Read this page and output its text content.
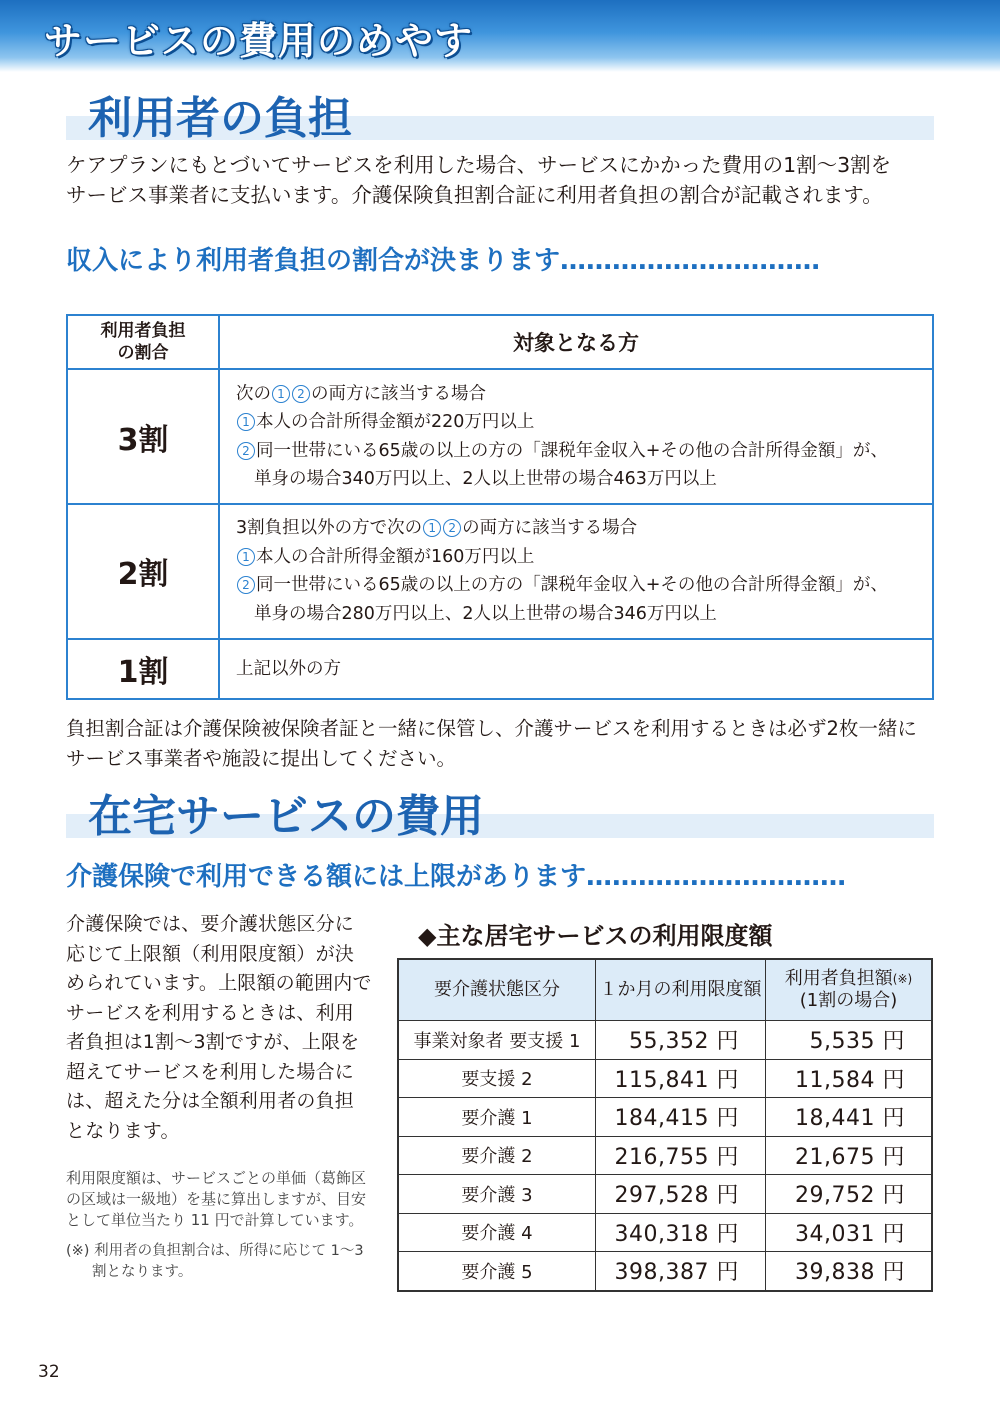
サービスの費用のめやす
利用者の負担

ケアプランにもとづいてサービスを利用した場合、サービスにかかった費用の1割〜3割を
サービス事業者に支払います。介護保険負担割合証に利用者負担の割合が記載されます。

収入により利用者負担の割合が決まります…………………………
利用者負担
の割合	対象となる方
3割	次の 1 2 の両方に該当する場合

1 本人の合計所得金額が220万円以上

2 同一世帯にいる65歳の以上の方の「課税年金収入+その他の合計所得金額」が、

単身の場合340万円以上、2人以上世帯の場合463万円以上

2割	3割負担以外の方で次の 1 2 の両方に該当する場合

1 本人の合計所得金額が160万円以上

2 同一世帯にいる65歳の以上の方の「課税年金収入+その他の合計所得金額」が、

単身の場合280万円以上、2人以上世帯の場合346万円以上

1割	上記以外の方

負担割合証は介護保険被保険者証と一緒に保管し、介護サービスを利用するときは必ず2枚一緒に
サービス事業者や施設に提出してください。

在宅サービスの費用
介護保険で利用できる額には上限があります…………………………

介護保険では、要介護状態区分に応じて上限額（利用限度額）が決められています。上限額の範囲内でサービスを利用するときは、利用者負担は1割〜3割ですが、上限を超えてサービスを利用した場合には、超えた分は全額利用者の負担となります。

利用限度額は、サービスごとの単価（葛飾区の区域は一級地）を基に算出しますが、目安として単位当たり 11 円で計算しています。

(※) 利用者の負担割合は、所得に応じて 1〜3 割となります。

◆主な居宅サービスの利用限度額
要介護状態区分	１か月の利用限度額	利用者負担額(※)
(1割の場合)
事業対象者 要支援 1	55,352 円	5,535 円
要支援 2	115,841 円	11,584 円
要介護 1	184,415 円	18,441 円
要介護 2	216,755 円	21,675 円
要介護 3	297,528 円	29,752 円
要介護 4	340,318 円	34,031 円
要介護 5	398,387 円	39,838 円

32
